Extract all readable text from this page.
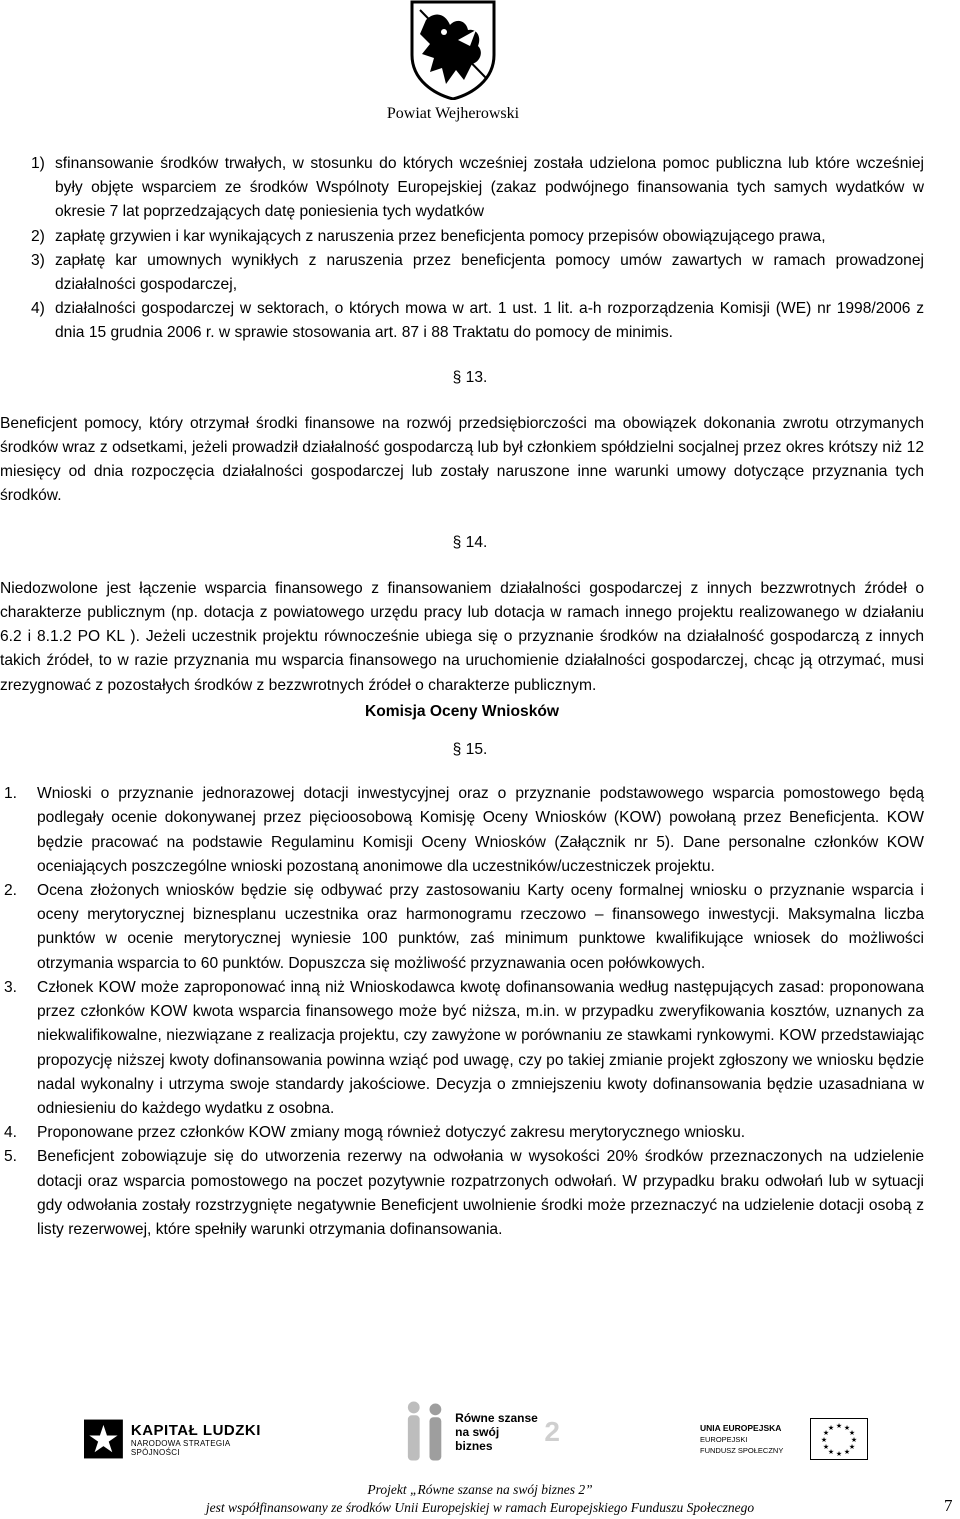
Powiat Wejherowski
1) sfinansowanie środków trwałych, w stosunku do których wcześniej została udzielona pomoc publiczna lub które wcześniej były objęte wsparciem ze środków Wspólnoty Europejskiej (zakaz podwójnego finansowania tych samych wydatków w okresie 7 lat poprzedzających datę poniesienia tych wydatków
2) zapłatę grzywien i kar wynikających z naruszenia przez beneficjenta pomocy przepisów obowiązującego prawa,
3) zapłatę kar umownych wynikłych z naruszenia przez beneficjenta pomocy umów zawartych w ramach prowadzonej działalności gospodarczej,
4) działalności gospodarczej w sektorach, o których mowa w art. 1 ust. 1 lit. a-h rozporządzenia Komisji (WE) nr 1998/2006 z dnia 15 grudnia 2006 r. w sprawie stosowania art. 87 i 88 Traktatu do pomocy de minimis.
§ 13.

Beneficjent pomocy, który otrzymał środki finansowe na rozwój przedsiębiorczości ma obowiązek dokonania zwrotu otrzymanych środków wraz z odsetkami, jeżeli prowadził działalność gospodarczą lub był członkiem spółdzielni socjalnej przez okres krótszy niż 12 miesięcy od dnia rozpoczęcia działalności gospodarczej lub zostały naruszone inne warunki umowy dotyczące przyznania tych środków.

§ 14.

Niedozwolone jest łączenie wsparcia finansowego z finansowaniem działalności gospodarczej z innych bezzwrotnych źródeł o charakterze publicznym (np. dotacja z powiatowego urzędu pracy lub dotacja w ramach innego projektu realizowanego w działaniu 6.2 i 8.1.2 PO KL ). Jeżeli uczestnik projektu równocześnie ubiega się o przyznanie środków na działalność gospodarczą z innych takich źródeł, to w razie przyznania mu wsparcia finansowego na uruchomienie działalności gospodarczej, chcąc ją otrzymać, musi zrezygnować z pozostałych środków z bezzwrotnych źródeł o charakterze publicznym.

Komisja Oceny Wniosków

§ 15.
1. Wnioski o przyznanie jednorazowej dotacji inwestycyjnej oraz o przyznanie podstawowego wsparcia pomostowego będą podlegały ocenie dokonywanej przez pięcioosobową Komisję Oceny Wniosków (KOW) powołaną przez Beneficjenta. KOW będzie pracować na podstawie Regulaminu Komisji Oceny Wniosków (Załącznik nr 5). Dane personalne członków KOW oceniających poszczególne wnioski pozostaną anonimowe dla uczestników/uczestniczek projektu.
2. Ocena złożonych wniosków będzie się odbywać przy zastosowaniu Karty oceny formalnej wniosku o przyznanie wsparcia i oceny merytorycznej biznesplanu uczestnika oraz harmonogramu rzeczowo – finansowego inwestycji. Maksymalna liczba punktów w ocenie merytorycznej wyniesie 100 punktów, zaś minimum punktowe kwalifikujące wniosek do możliwości otrzymania wsparcia to 60 punktów. Dopuszcza się możliwość przyznawania ocen połówkowych.
3. Członek KOW może zaproponować inną niż Wnioskodawca kwotę dofinansowania według następujących zasad: proponowana przez członków KOW kwota wsparcia finansowego może być niższa, m.in. w przypadku zweryfikowania kosztów, uznanych za niekwalifikowalne, niezwiązane z realizacja projektu, czy zawyżone w porównaniu ze stawkami rynkowymi. KOW przedstawiając propozycję niższej kwoty dofinansowania powinna wziąć pod uwagę, czy po takiej zmianie projekt zgłoszony we wniosku będzie nadal wykonalny i utrzyma swoje standardy jakościowe. Decyzja o zmniejszeniu kwoty dofinansowania będzie uzasadniana w odniesieniu do każdego wydatku z osobna.
4. Proponowane przez członków KOW zmiany mogą również dotyczyć zakresu merytorycznego wniosku.
5. Beneficjent zobowiązuje się do utworzenia rezerwy na odwołania w wysokości 20% środków przeznaczonych na udzielenie dotacji oraz wsparcia pomostowego na poczet pozytywnie rozpatrzonych odwołań. W przypadku braku odwołań lub w sytuacji gdy odwołania zostały rozstrzygnięte negatywnie Beneficjent uwolnienie środki może przeznaczyć na udzielenie dotacji osobą z listy rezerwowej, które spełniły warunki otrzymania dofinansowania.
KAPITAŁ LUDZKI
NARODOWA STRATEGIA SPÓJNOŚCI
Równe szanse
na swój biznes	2	UNIA EUROPEJSKA
EUROPEJSKI
FUNDUSZ SPOŁECZNY
★ ★
★
★
★
★
★
★
★
★
★
★
Projekt „Równe szanse na swój biznes 2”
jest współfinansowany ze środków Unii Europejskiej w ramach Europejskiego Funduszu Społecznego	7
